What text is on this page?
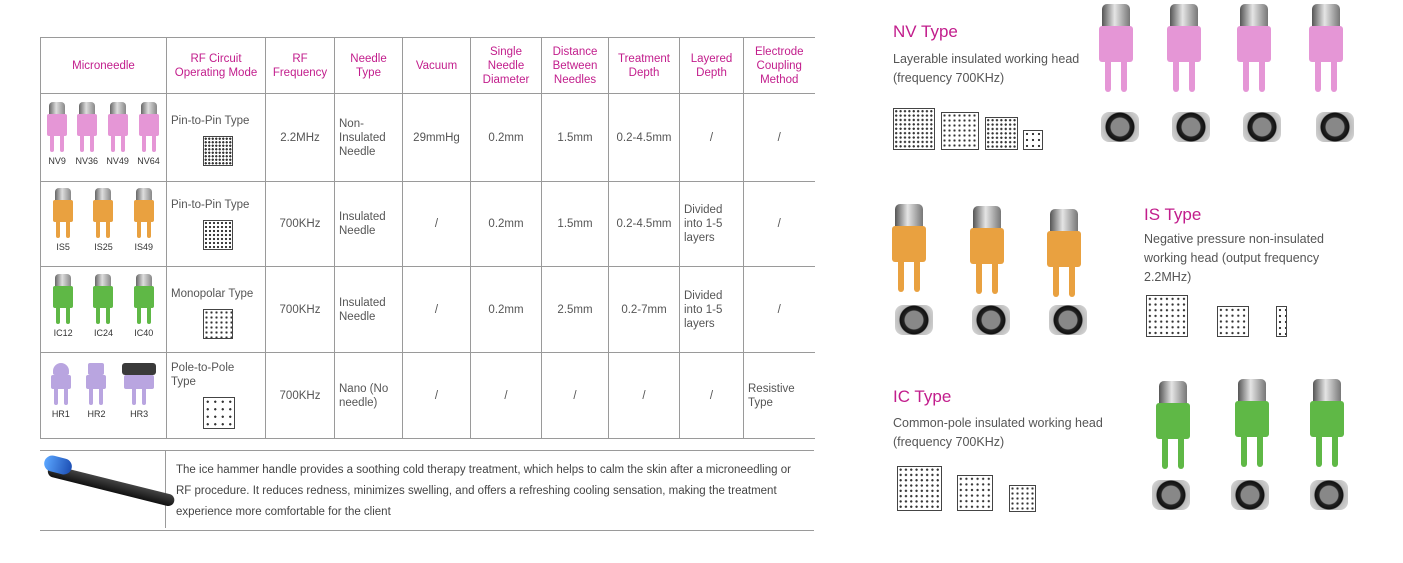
Microneedle	RF Circuit Operating Mode	RF Frequency	Needle Type	Vacuum	Single Needle Diameter	Distance Between Needles	Treatment Depth	Layered Depth	Electrode Coupling Method

NV9 NV36 NV49 NV64	Pin-to-Pin Type	2.2MHz	Non-Insulated Needle	29mmHg	0.2mm	1.5mm	0.2-4.5mm	/	/

IS5 IS25 IS49	Pin-to-Pin Type	700KHz	Insulated Needle	/	0.2mm	1.5mm	0.2-4.5mm	Divided into 1-5 layers	/

IC12 IC24 IC40	Monopolar Type	700KHz	Insulated Needle	/	0.2mm	2.5mm	0.2-7mm	Divided into 1-5 layers	/

HR1 HR2 HR3	Pole-to-Pole Type	700KHz	Nano (No needle)	/	/	/	/	/	Resistive Type
The ice hammer handle provides a soothing cold therapy treatment, which helps to calm the skin after a microneedling or RF procedure. It reduces redness, minimizes swelling, and offers a refreshing cooling sensation, making the treatment experience more comfortable for the client
NV Type
Layerable insulated working head (frequency 700KHz)
IS Type
Negative pressure non-insulated working head (output frequency 2.2MHz)
IC Type
Common-pole insulated working head (frequency 700KHz)
